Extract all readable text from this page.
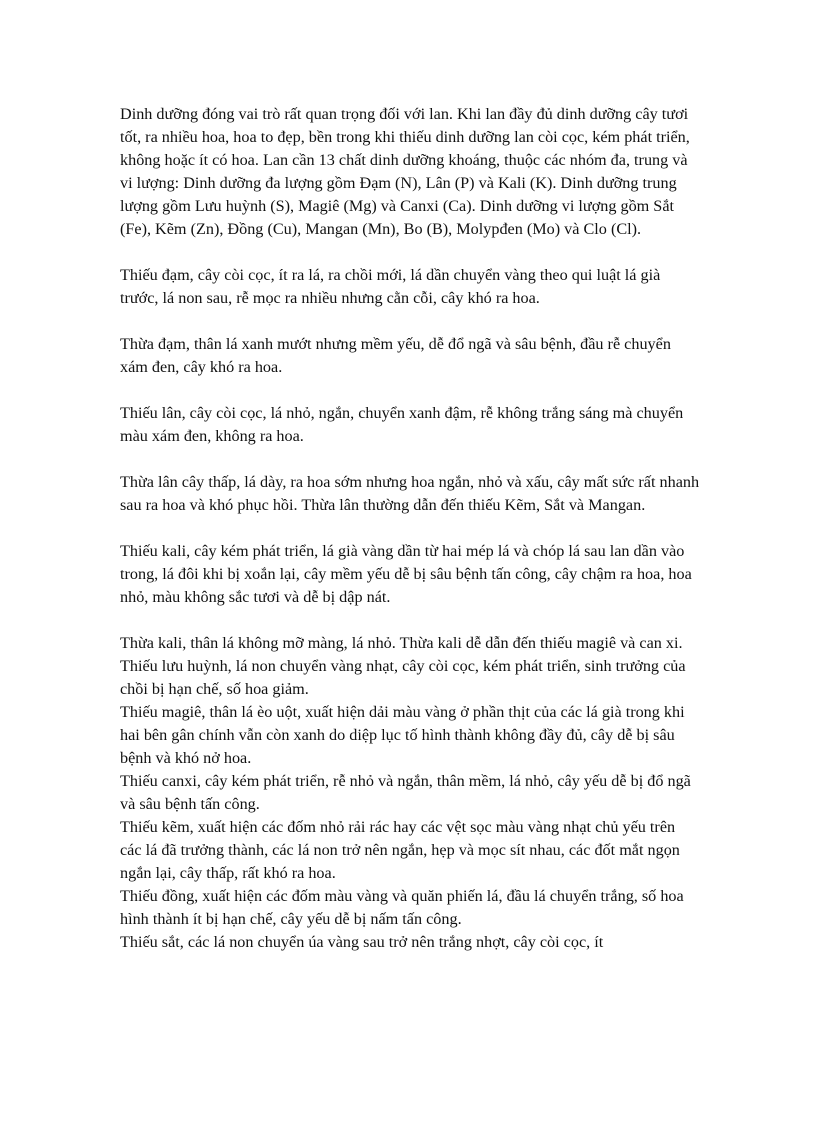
Dinh dưỡng đóng vai trò rất quan trọng đối với lan. Khi lan đầy đủ dinh dưỡng cây tươi tốt, ra nhiều hoa, hoa to đẹp, bền trong khi thiếu dinh dưỡng lan còi cọc, kém phát triển, không hoặc ít có hoa. Lan cần 13 chất dinh dưỡng khoáng, thuộc các nhóm đa, trung và vi lượng: Dinh dưỡng đa lượng gồm Đạm (N), Lân (P) và Kali (K). Dinh dưỡng trung lượng gồm Lưu huỳnh (S), Magiê (Mg) và Canxi (Ca). Dinh dưỡng vi lượng gồm Sắt (Fe), Kẽm (Zn), Đồng (Cu), Mangan (Mn), Bo (B), Molypđen (Mo) và Clo (Cl).

Thiếu đạm, cây còi cọc, ít ra lá, ra chồi mới, lá dần chuyển vàng theo qui luật lá già trước, lá non sau, rễ mọc ra nhiều nhưng cằn cỗi, cây khó ra hoa.

Thừa đạm, thân lá xanh mướt nhưng mềm yếu, dễ đổ ngã và sâu bệnh, đầu rễ chuyển xám đen, cây khó ra hoa.

Thiếu lân, cây còi cọc, lá nhỏ, ngắn, chuyển xanh đậm, rễ không trắng sáng mà chuyển màu xám đen, không ra hoa.

Thừa lân cây thấp, lá dày, ra hoa sớm nhưng hoa ngắn, nhỏ và xấu, cây mất sức rất nhanh sau ra hoa và khó phục hồi. Thừa lân thường dẫn đến thiếu Kẽm, Sắt và Mangan.

Thiếu kali, cây kém phát triển, lá già vàng dần từ hai mép lá và chóp lá sau lan dần vào trong, lá đôi khi bị xoắn lại, cây mềm yếu dễ bị sâu bệnh tấn công, cây chậm ra hoa, hoa nhỏ, màu không sắc tươi và dễ bị dập nát.

Thừa kali, thân lá không mỡ màng, lá nhỏ. Thừa kali dễ dẫn đến thiếu magiê và can xi.

Thiếu lưu huỳnh, lá non chuyển vàng nhạt, cây còi cọc, kém phát triển, sinh trưởng của chồi bị hạn chế, số hoa giảm.

Thiếu magiê, thân lá èo uột, xuất hiện dải màu vàng ở phần thịt của các lá già trong khi hai bên gân chính vẫn còn xanh do diệp lục tố hình thành không đầy đủ, cây dễ bị sâu bệnh và khó nở hoa.

Thiếu canxi, cây kém phát triển, rễ nhỏ và ngắn, thân mềm, lá nhỏ, cây yếu dễ bị đổ ngã và sâu bệnh tấn công.

Thiếu kẽm, xuất hiện các đốm nhỏ rải rác hay các vệt sọc màu vàng nhạt chủ yếu trên các lá đã trưởng thành, các lá non trở nên ngắn, hẹp và mọc sít nhau, các đốt mắt ngọn ngắn lại, cây thấp, rất khó ra hoa.

Thiếu đồng, xuất hiện các đốm màu vàng và quăn phiến lá, đầu lá chuyển trắng, số hoa hình thành ít bị hạn chế, cây yếu dễ bị nấm tấn công.

Thiếu sắt, các lá non chuyển úa vàng sau trở nên trắng nhợt, cây còi cọc, ít
